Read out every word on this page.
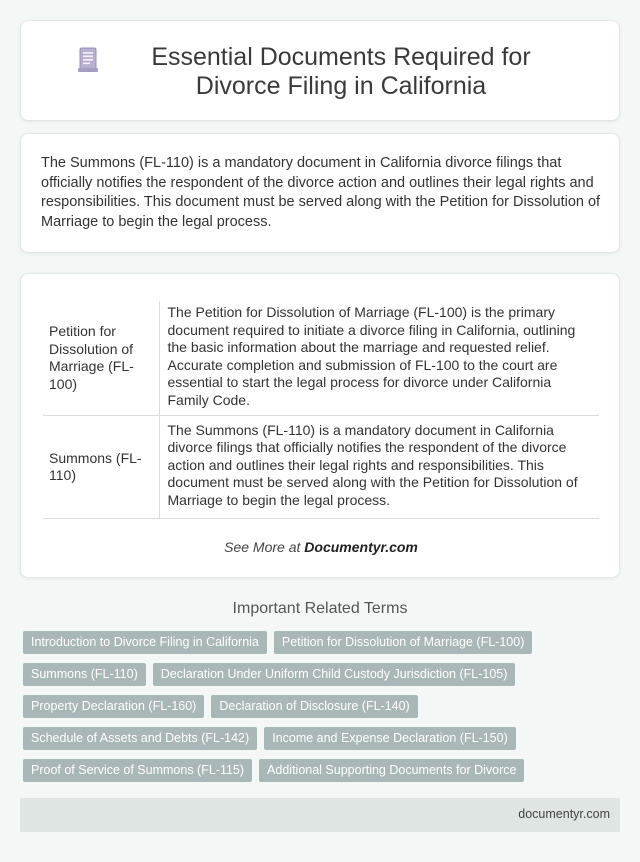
Essential Documents Required for Divorce Filing in California

The Summons (FL-110) is a mandatory document in California divorce filings that officially notifies the respondent of the divorce action and outlines their legal rights and responsibilities. This document must be served along with the Petition for Dissolution of Marriage to begin the legal process.

Petition for Dissolution of Marriage (FL-100)	The Petition for Dissolution of Marriage (FL-100) is the primary document required to initiate a divorce filing in California, outlining the basic information about the marriage and requested relief. Accurate completion and submission of FL-100 to the court are essential to start the legal process for divorce under California Family Code.
Summons (FL-110)	The Summons (FL-110) is a mandatory document in California divorce filings that officially notifies the respondent of the divorce action and outlines their legal rights and responsibilities. This document must be served along with the Petition for Dissolution of Marriage to begin the legal process.
See More at Documentyr.com
Important Related Terms
Introduction to Divorce Filing in California	Petition for Dissolution of Marriage (FL-100)
Summons (FL-110)	Declaration Under Uniform Child Custody Jurisdiction (FL-105)
Property Declaration (FL-160)	Declaration of Disclosure (FL-140)
Schedule of Assets and Debts (FL-142)	Income and Expense Declaration (FL-150)
Proof of Service of Summons (FL-115)	Additional Supporting Documents for Divorce
documentyr.com
